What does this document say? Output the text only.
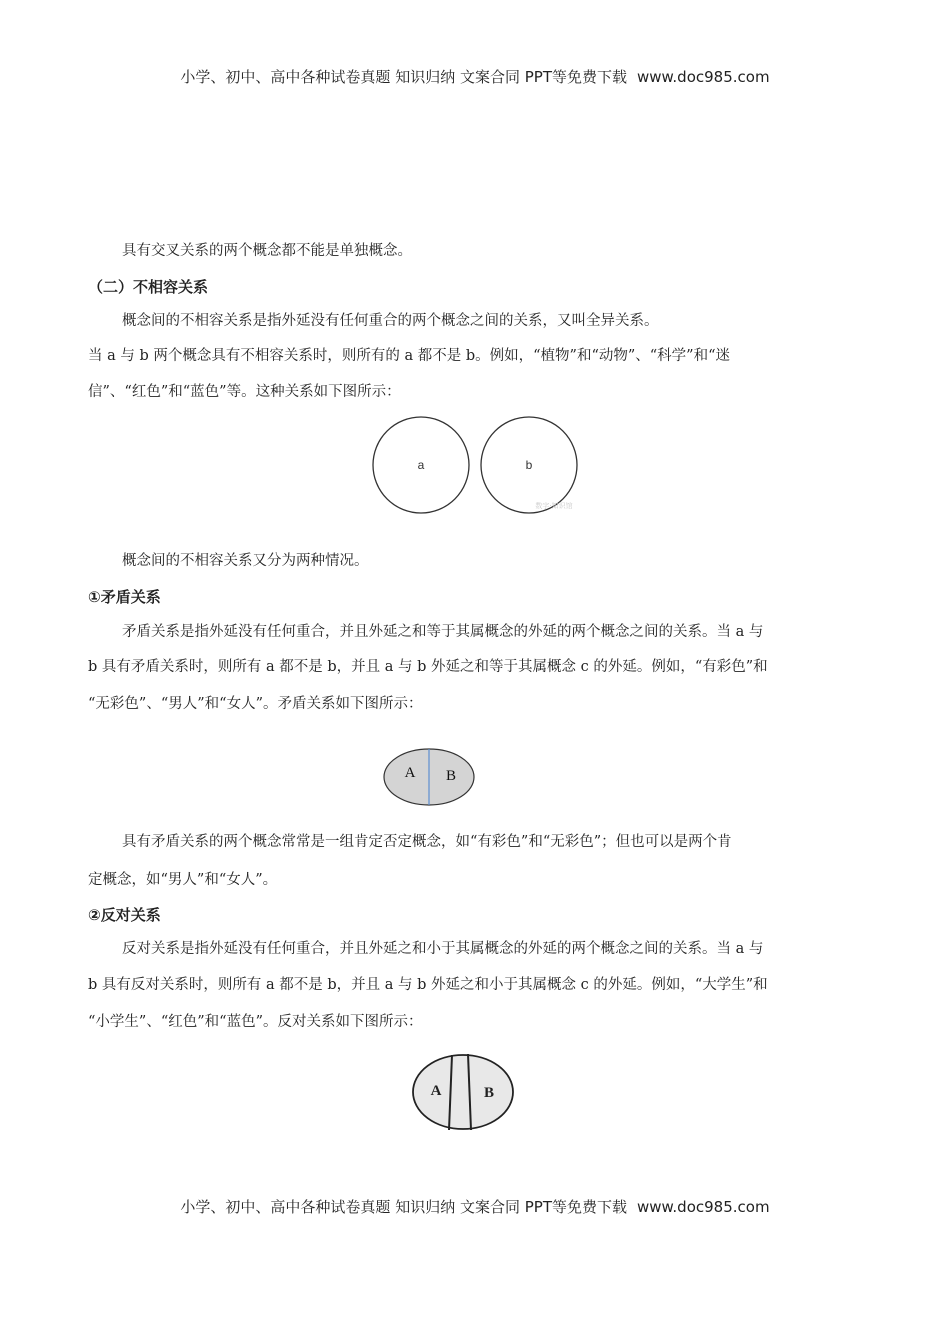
小学、初中、高中各种试卷真题 知识归纳 文案合同 PPT等免费下载 www.doc985.com
具有交叉关系的两个概念都不能是单独概念。
（二）不相容关系
概念间的不相容关系是指外延没有任何重合的两个概念之间的关系，又叫全异关系。
当 a 与 b 两个概念具有不相容关系时，则所有的 a 都不是 b。例如，“植物”和“动物”、“科学”和“迷
信”、“红色”和“蓝色”等。这种关系如下图所示：
a	b
数字·知识馆
概念间的不相容关系又分为两种情况。
①矛盾关系
矛盾关系是指外延没有任何重合，并且外延之和等于其属概念的外延的两个概念之间的关系。当 a 与
b 具有矛盾关系时，则所有 a 都不是 b，并且 a 与 b 外延之和等于其属概念 c 的外延。例如，“有彩色”和
“无彩色”、“男人”和“女人”。矛盾关系如下图所示：
A B
具有矛盾关系的两个概念常常是一组肯定否定概念，如“有彩色”和“无彩色”；但也可以是两个肯
定概念，如“男人”和“女人”。
②反对关系
反对关系是指外延没有任何重合，并且外延之和小于其属概念的外延的两个概念之间的关系。当 a 与
b 具有反对关系时，则所有 a 都不是 b，并且 a 与 b 外延之和小于其属概念 c 的外延。例如，“大学生”和
“小学生”、“红色”和“蓝色”。反对关系如下图所示：
A	B
小学、初中、高中各种试卷真题 知识归纳 文案合同 PPT等免费下载 www.doc985.com
